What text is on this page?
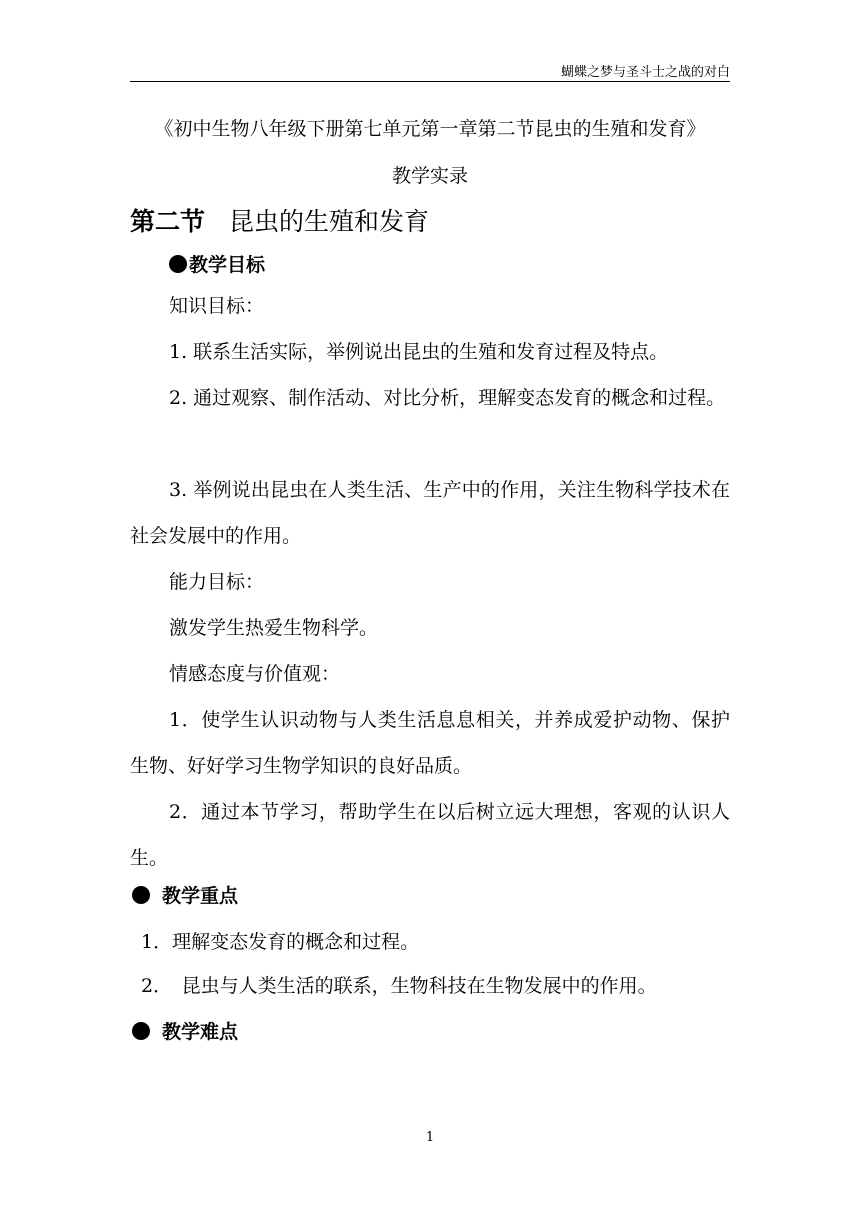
蝴蝶之梦与圣斗士之战的对白
《初中生物八年级下册第七单元第一章第二节昆虫的生殖和发育》
教学实录
第二节 昆虫的生殖和发育
教学目标
知识目标：
1. 联系生活实际，举例说出昆虫的生殖和发育过程及特点。
2. 通过观察、制作活动、对比分析，理解变态发育的概念和过程。
3. 举例说出昆虫在人类生活、生产中的作用，关注生物科学技术在社会发展中的作用。
能力目标：
激发学生热爱生物科学。
情感态度与价值观：
1．使学生认识动物与人类生活息息相关，并养成爱护动物、保护生物、好好学习生物学知识的良好品质。
2．通过本节学习，帮助学生在以后树立远大理想，客观的认识人生。
教学重点
1．理解变态发育的概念和过程。
2．　昆虫与人类生活的联系，生物科技在生物发展中的作用。
教学难点
1
